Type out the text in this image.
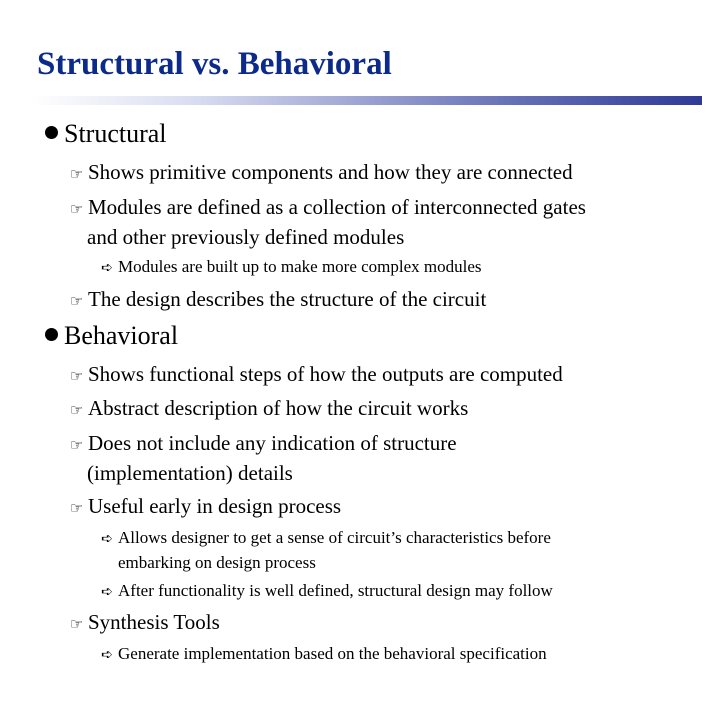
Structural vs. Behavioral
Structural
☞ Shows primitive components and how they are connected
☞ Modules are defined as a collection of interconnected gates
and other previously defined modules
➪ Modules are built up to make more complex modules
☞ The design describes the structure of the circuit
Behavioral
☞ Shows functional steps of how the outputs are computed
☞ Abstract description of how the circuit works
☞ Does not include any indication of structure
(implementation) details
☞ Useful early in design process
➪ Allows designer to get a sense of circuit’s characteristics before
embarking on design process
➪ After functionality is well defined, structural design may follow
☞ Synthesis Tools
➪ Generate implementation based on the behavioral specification
